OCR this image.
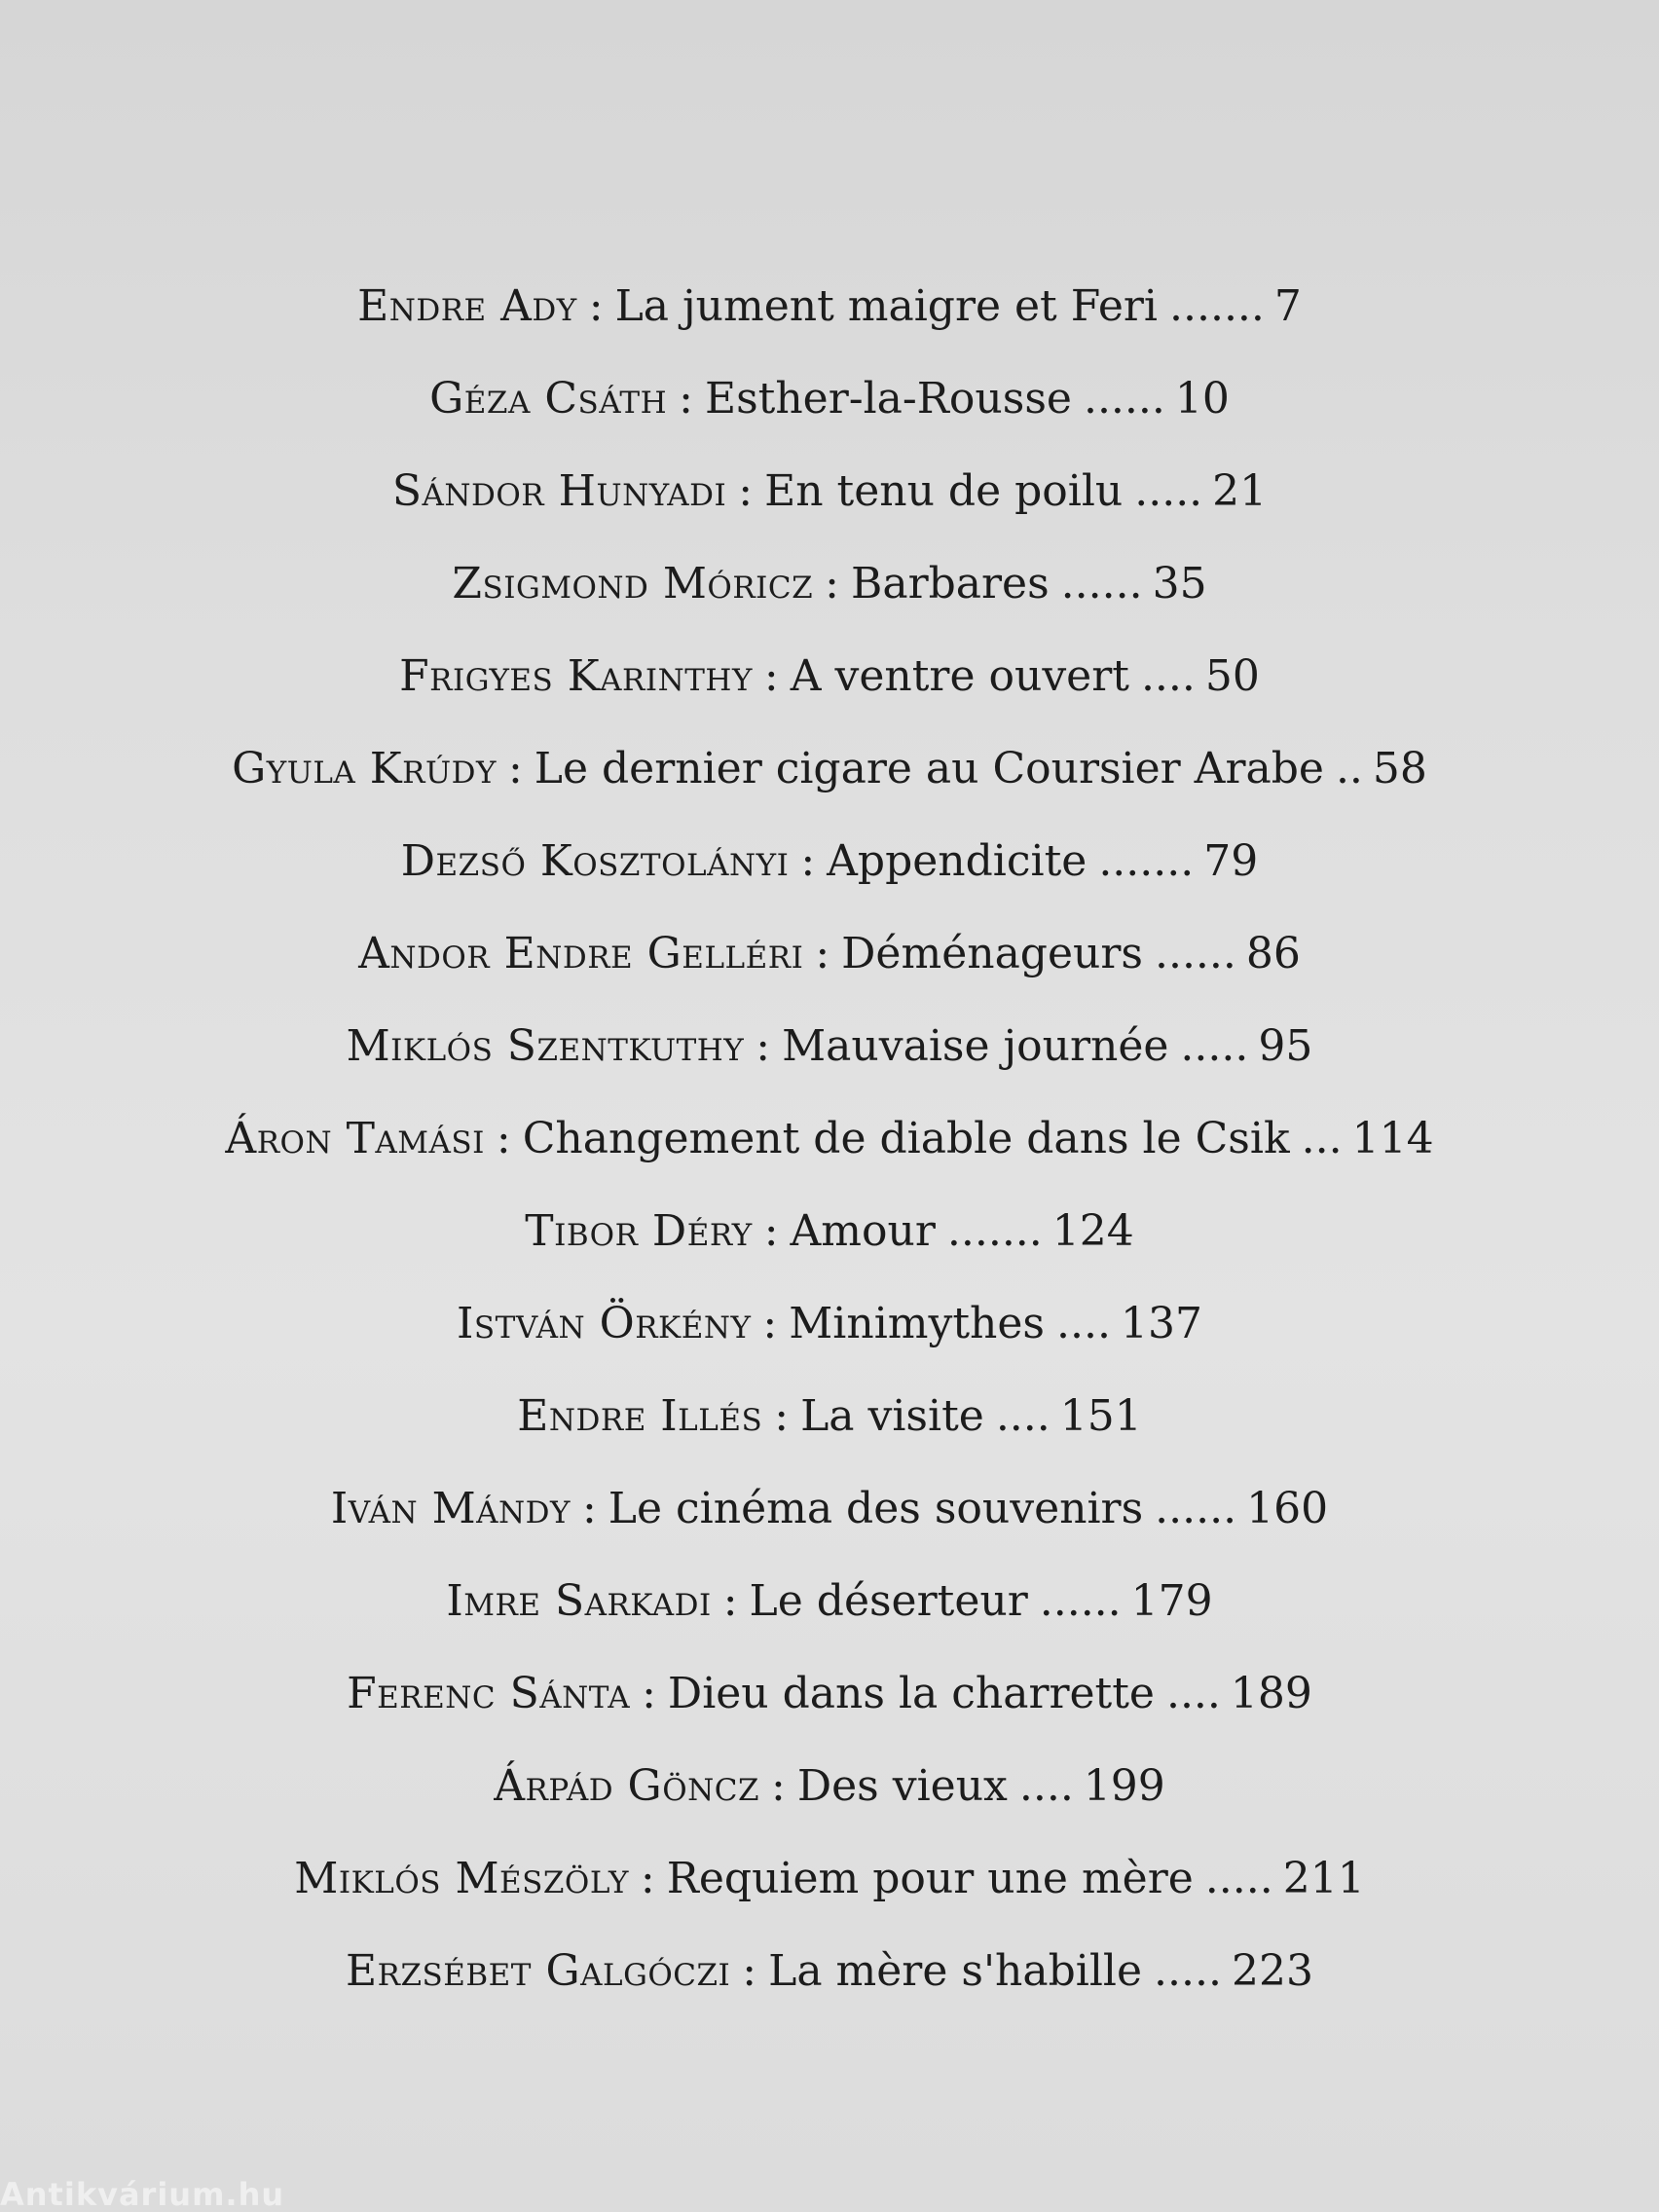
Endre Ady : La jument maigre et Feri ....... 7
Géza Csáth : Esther-la-Rousse ...... 10
Sándor Hunyadi : En tenu de poilu ..... 21
Zsigmond Móricz : Barbares ...... 35
Frigyes Karinthy : A ventre ouvert .... 50
Gyula Krúdy : Le dernier cigare au Coursier Arabe .. 58
Dezső Kosztolányi : Appendicite ....... 79
Andor Endre Gelléri : Déménageurs ...... 86
Miklós Szentkuthy : Mauvaise journée ..... 95
Áron Tamási : Changement de diable dans le Csik ... 114
Tibor Déry : Amour ....... 124
István Örkény : Minimythes .... 137
Endre Illés : La visite .... 151
Iván Mándy : Le cinéma des souvenirs ...... 160
Imre Sarkadi : Le déserteur ...... 179
Ferenc Sánta : Dieu dans la charrette .... 189
Árpád Göncz : Des vieux .... 199
Miklós Mészöly : Requiem pour une mère ..... 211
Erzsébet Galgóczi : La mère s'habille ..... 223
Antikvárium.hu
